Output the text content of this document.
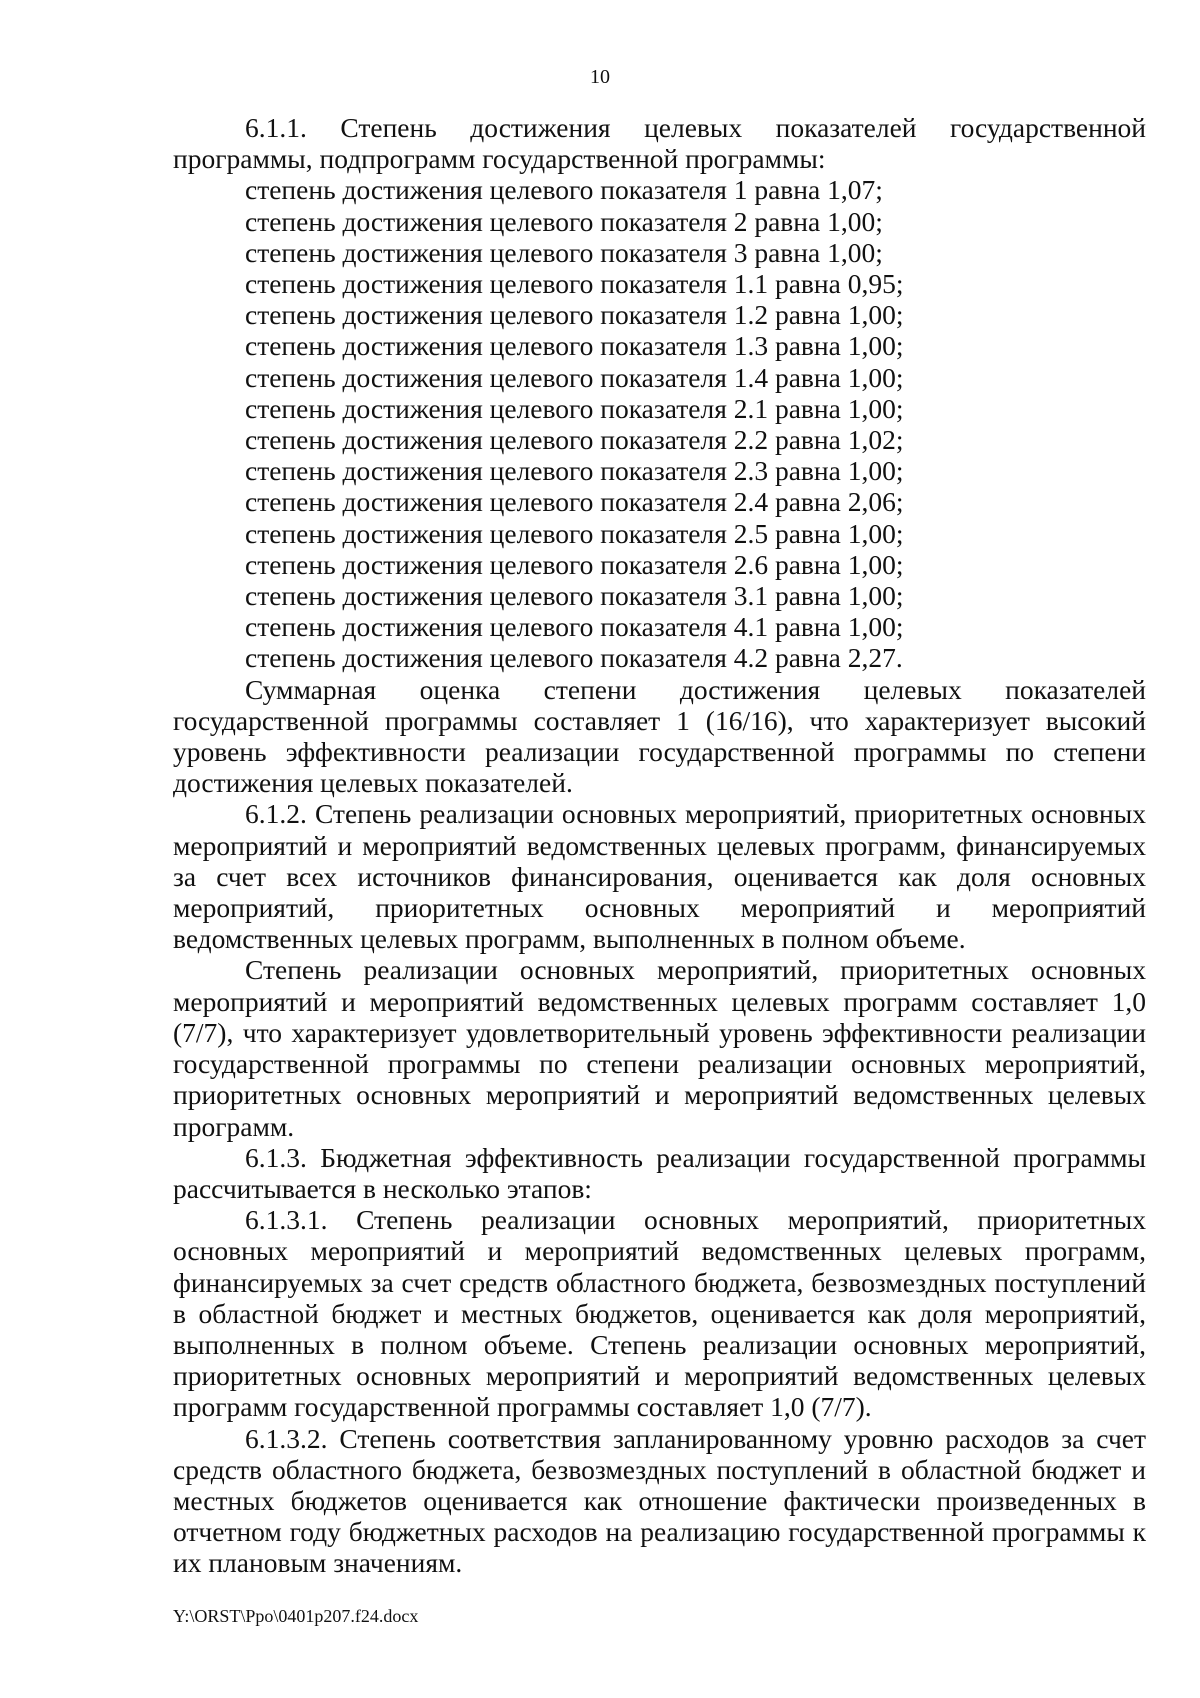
10

6.1.1. Степень достижения целевых показателей государственной программы, подпрограмм государственной программы:

степень достижения целевого показателя 1 равна 1,07;
степень достижения целевого показателя 2 равна 1,00;
степень достижения целевого показателя 3 равна 1,00;
степень достижения целевого показателя 1.1 равна 0,95;
степень достижения целевого показателя 1.2 равна 1,00;
степень достижения целевого показателя 1.3 равна 1,00;
степень достижения целевого показателя 1.4 равна 1,00;
степень достижения целевого показателя 2.1 равна 1,00;
степень достижения целевого показателя 2.2 равна 1,02;
степень достижения целевого показателя 2.3 равна 1,00;
степень достижения целевого показателя 2.4 равна 2,06;
степень достижения целевого показателя 2.5 равна 1,00;
степень достижения целевого показателя 2.6 равна 1,00;
степень достижения целевого показателя 3.1 равна 1,00;
степень достижения целевого показателя 4.1 равна 1,00;
степень достижения целевого показателя 4.2 равна 2,27.

Суммарная оценка степени достижения целевых показателей государственной программы составляет 1 (16/16), что характеризует высокий уровень эффективности реализации государственной программы по степени достижения целевых показателей.

6.1.2. Степень реализации основных мероприятий, приоритетных основных мероприятий и мероприятий ведомственных целевых программ, финансируемых за счет всех источников финансирования, оценивается как доля основных мероприятий, приоритетных основных мероприятий и мероприятий ведомственных целевых программ, выполненных в полном объеме.

Степень реализации основных мероприятий, приоритетных основных мероприятий и мероприятий ведомственных целевых программ составляет 1,0 (7/7), что характеризует удовлетворительный уровень эффективности реализации государственной программы по степени реализации основных мероприятий, приоритетных основных мероприятий и мероприятий ведомственных целевых программ.

6.1.3. Бюджетная эффективность реализации государственной программы рассчитывается в несколько этапов:

6.1.3.1. Степень реализации основных мероприятий, приоритетных основных мероприятий и мероприятий ведомственных целевых программ, финансируемых за счет средств областного бюджета, безвозмездных поступлений в областной бюджет и местных бюджетов, оценивается как доля мероприятий, выполненных в полном объеме. Степень реализации основных мероприятий, приоритетных основных мероприятий и мероприятий ведомственных целевых программ государственной программы составляет 1,0 (7/7).

6.1.3.2. Степень соответствия запланированному уровню расходов за счет средств областного бюджета, безвозмездных поступлений в областной бюджет и местных бюджетов оценивается как отношение фактически произведенных в отчетном году бюджетных расходов на реализацию государственной программы к их плановым значениям.

Y:\ORST\Ppo\0401p207.f24.docx
